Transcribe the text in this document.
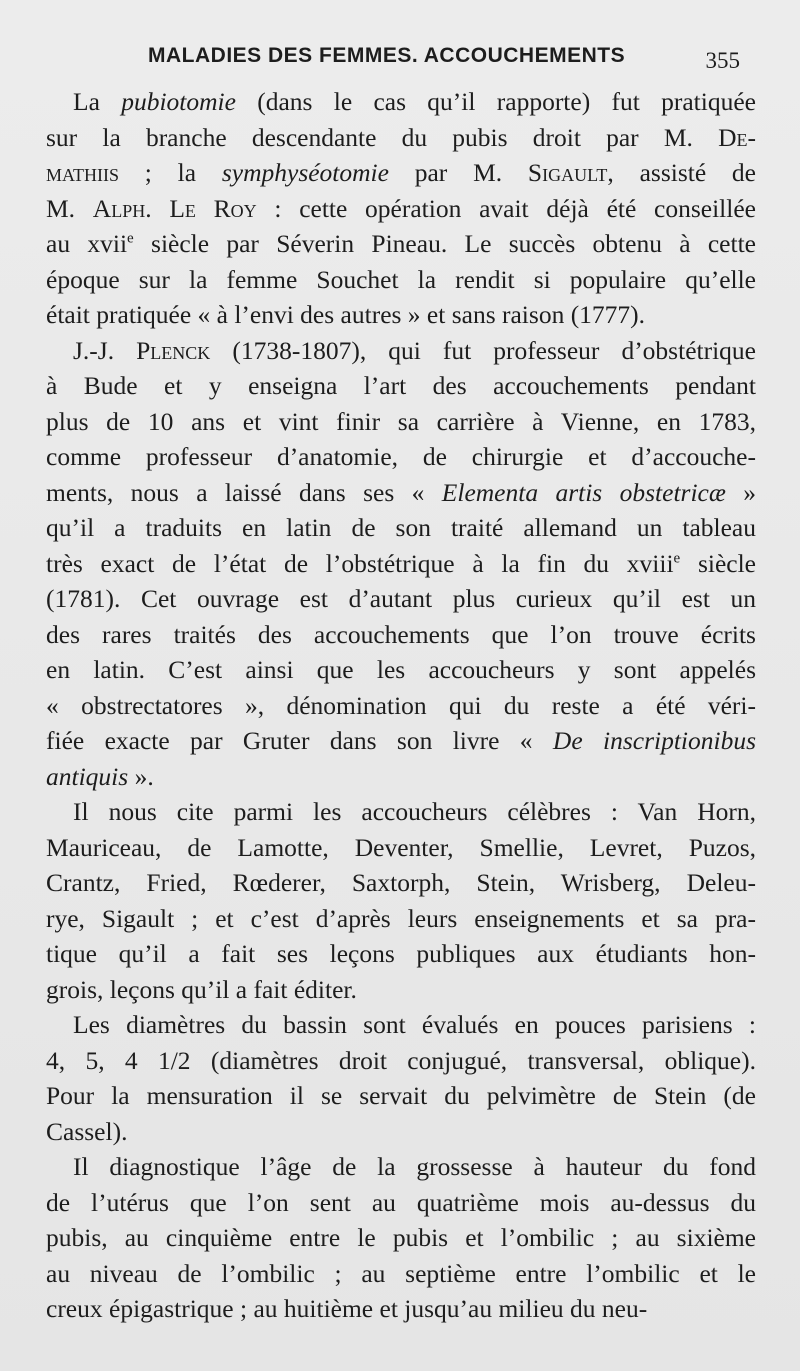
MALADIES DES FEMMES. ACCOUCHEMENTS	355
La pubiotomie (dans le cas qu’il rapporte) fut pratiquée
sur la branche descendante du pubis droit par M. De-
mathiis ; la symphyséotomie par M. Sigault, assisté de
M. Alph. Le Roy : cette opération avait déjà été conseillée
au xvii$^e$ siècle par Séverin Pineau. Le succès obtenu à cette
époque sur la femme Souchet la rendit si populaire qu’elle
était pratiquée « à l’envi des autres » et sans raison (1777).
J.-J. Plenck (1738-1807), qui fut professeur d’obstétrique
à Bude et y enseigna l’art des accouchements pendant
plus de 10 ans et vint finir sa carrière à Vienne, en 1783,
comme professeur d’anatomie, de chirurgie et d’accouche-
ments, nous a laissé dans ses « Elementa artis obstetricæ »
qu’il a traduits en latin de son traité allemand un tableau
très exact de l’état de l’obstétrique à la fin du xviii$^e$ siècle
(1781). Cet ouvrage est d’autant plus curieux qu’il est un
des rares traités des accouchements que l’on trouve écrits
en latin. C’est ainsi que les accoucheurs y sont appelés
« obstrectatores », dénomination qui du reste a été véri-
fiée exacte par Gruter dans son livre « De inscriptionibus
antiquis ».
Il nous cite parmi les accoucheurs célèbres : Van Horn,
Mauriceau, de Lamotte, Deventer, Smellie, Levret, Puzos,
Crantz, Fried, Rœderer, Saxtorph, Stein, Wrisberg, Deleu-
rye, Sigault ; et c’est d’après leurs enseignements et sa pra-
tique qu’il a fait ses leçons publiques aux étudiants hon-
grois, leçons qu’il a fait éditer.
Les diamètres du bassin sont évalués en pouces parisiens :
4, 5, 4 1/2 (diamètres droit conjugué, transversal, oblique).
Pour la mensuration il se servait du pelvimètre de Stein (de
Cassel).
Il diagnostique l’âge de la grossesse à hauteur du fond
de l’utérus que l’on sent au quatrième mois au-dessus du
pubis, au cinquième entre le pubis et l’ombilic ; au sixième
au niveau de l’ombilic ; au septième entre l’ombilic et le
creux épigastrique ; au huitième et jusqu’au milieu du neu-
